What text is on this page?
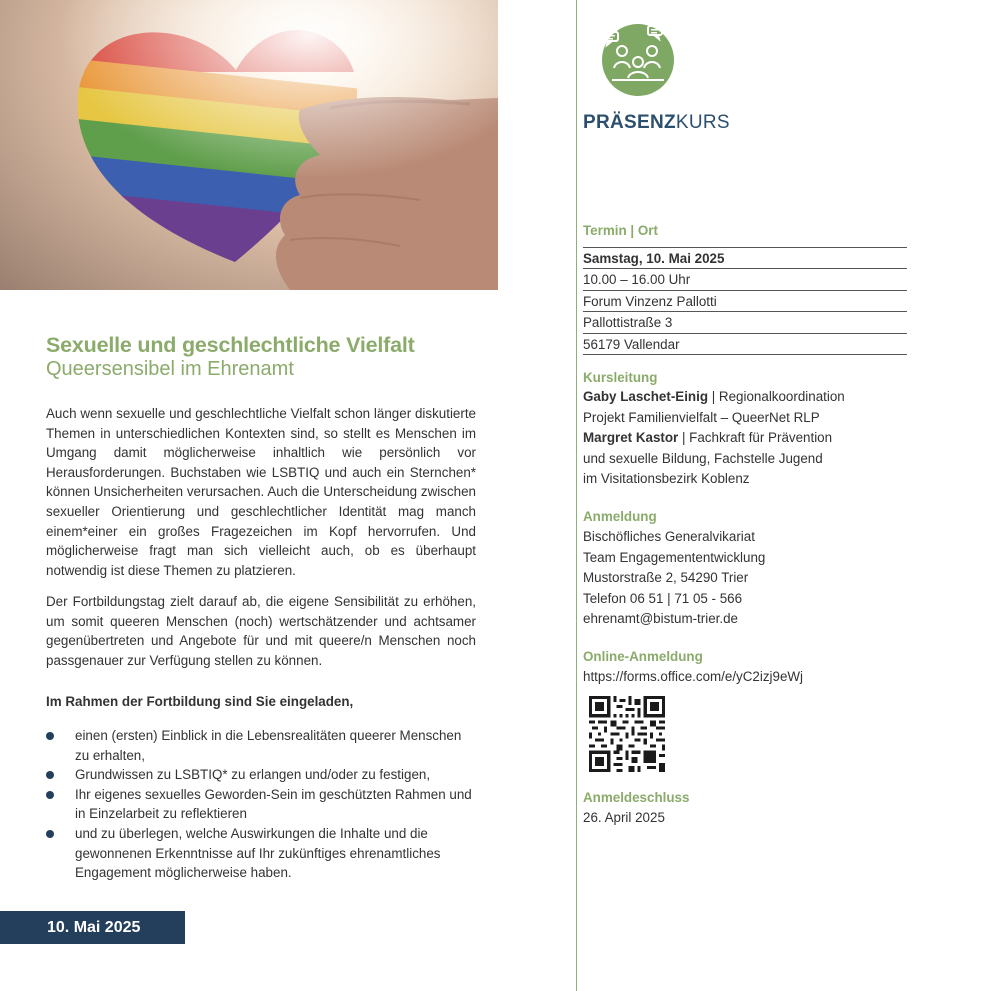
Sexuelle und geschlechtliche Vielfalt
Queersensibel im Ehrenamt

Auch wenn sexuelle und geschlechtliche Vielfalt schon länger diskutierte Themen in unterschiedlichen Kontexten sind, so stellt es Menschen im Umgang damit möglicherweise inhaltlich wie persönlich vor Herausforderungen. Buchstaben wie LSBTIQ und auch ein Sternchen* können Unsicherheiten verursachen. Auch die Unterscheidung zwischen sexueller Orientierung und geschlechtlicher Identität mag manch einem*einer ein großes Fragezeichen im Kopf hervorrufen. Und möglicherweise fragt man sich vielleicht auch, ob es überhaupt notwendig ist diese Themen zu platzieren.

Der Fortbildungstag zielt darauf ab, die eigene Sensibilität zu erhöhen, um somit queeren Menschen (noch) wertschätzender und achtsamer gegenübertreten und Angebote für und mit queere/n Menschen noch passgenauer zur Verfügung stellen zu können.

Im Rahmen der Fortbildung sind Sie eingeladen,
einen (ersten) Einblick in die Lebensrealitäten queerer Menschen zu erhalten,
Grundwissen zu LSBTIQ* zu erlangen und/oder zu festigen,
Ihr eigenes sexuelles Geworden-Sein im geschützten Rahmen und in Einzelarbeit zu reflektieren
und zu überlegen, welche Auswirkungen die Inhalte und die gewonnenen Erkenntnisse auf Ihr zukünftiges ehrenamtliches Engagement möglicherweise haben.
10. Mai 2025
PRÄSENZKURS
Termin | Ort
Samstag, 10. Mai 2025
10.00 – 16.00 Uhr
Forum Vinzenz Pallotti
Pallottistraße 3
56179 Vallendar
Kursleitung
Gaby Laschet-Einig | Regionalkoordination
Projekt Familienvielfalt – QueerNet RLP
Margret Kastor | Fachkraft für Prävention
und sexuelle Bildung, Fachstelle Jugend
im Visitationsbezirk Koblenz
Anmeldung
Bischöfliches Generalvikariat
Team Engagemententwicklung
Mustorstraße 2, 54290 Trier
Telefon 06 51 | 71 05 - 566
ehrenamt@bistum-trier.de
Online-Anmeldung
https://forms.office.com/e/yC2izj9eWj
Anmeldeschluss
26. April 2025
